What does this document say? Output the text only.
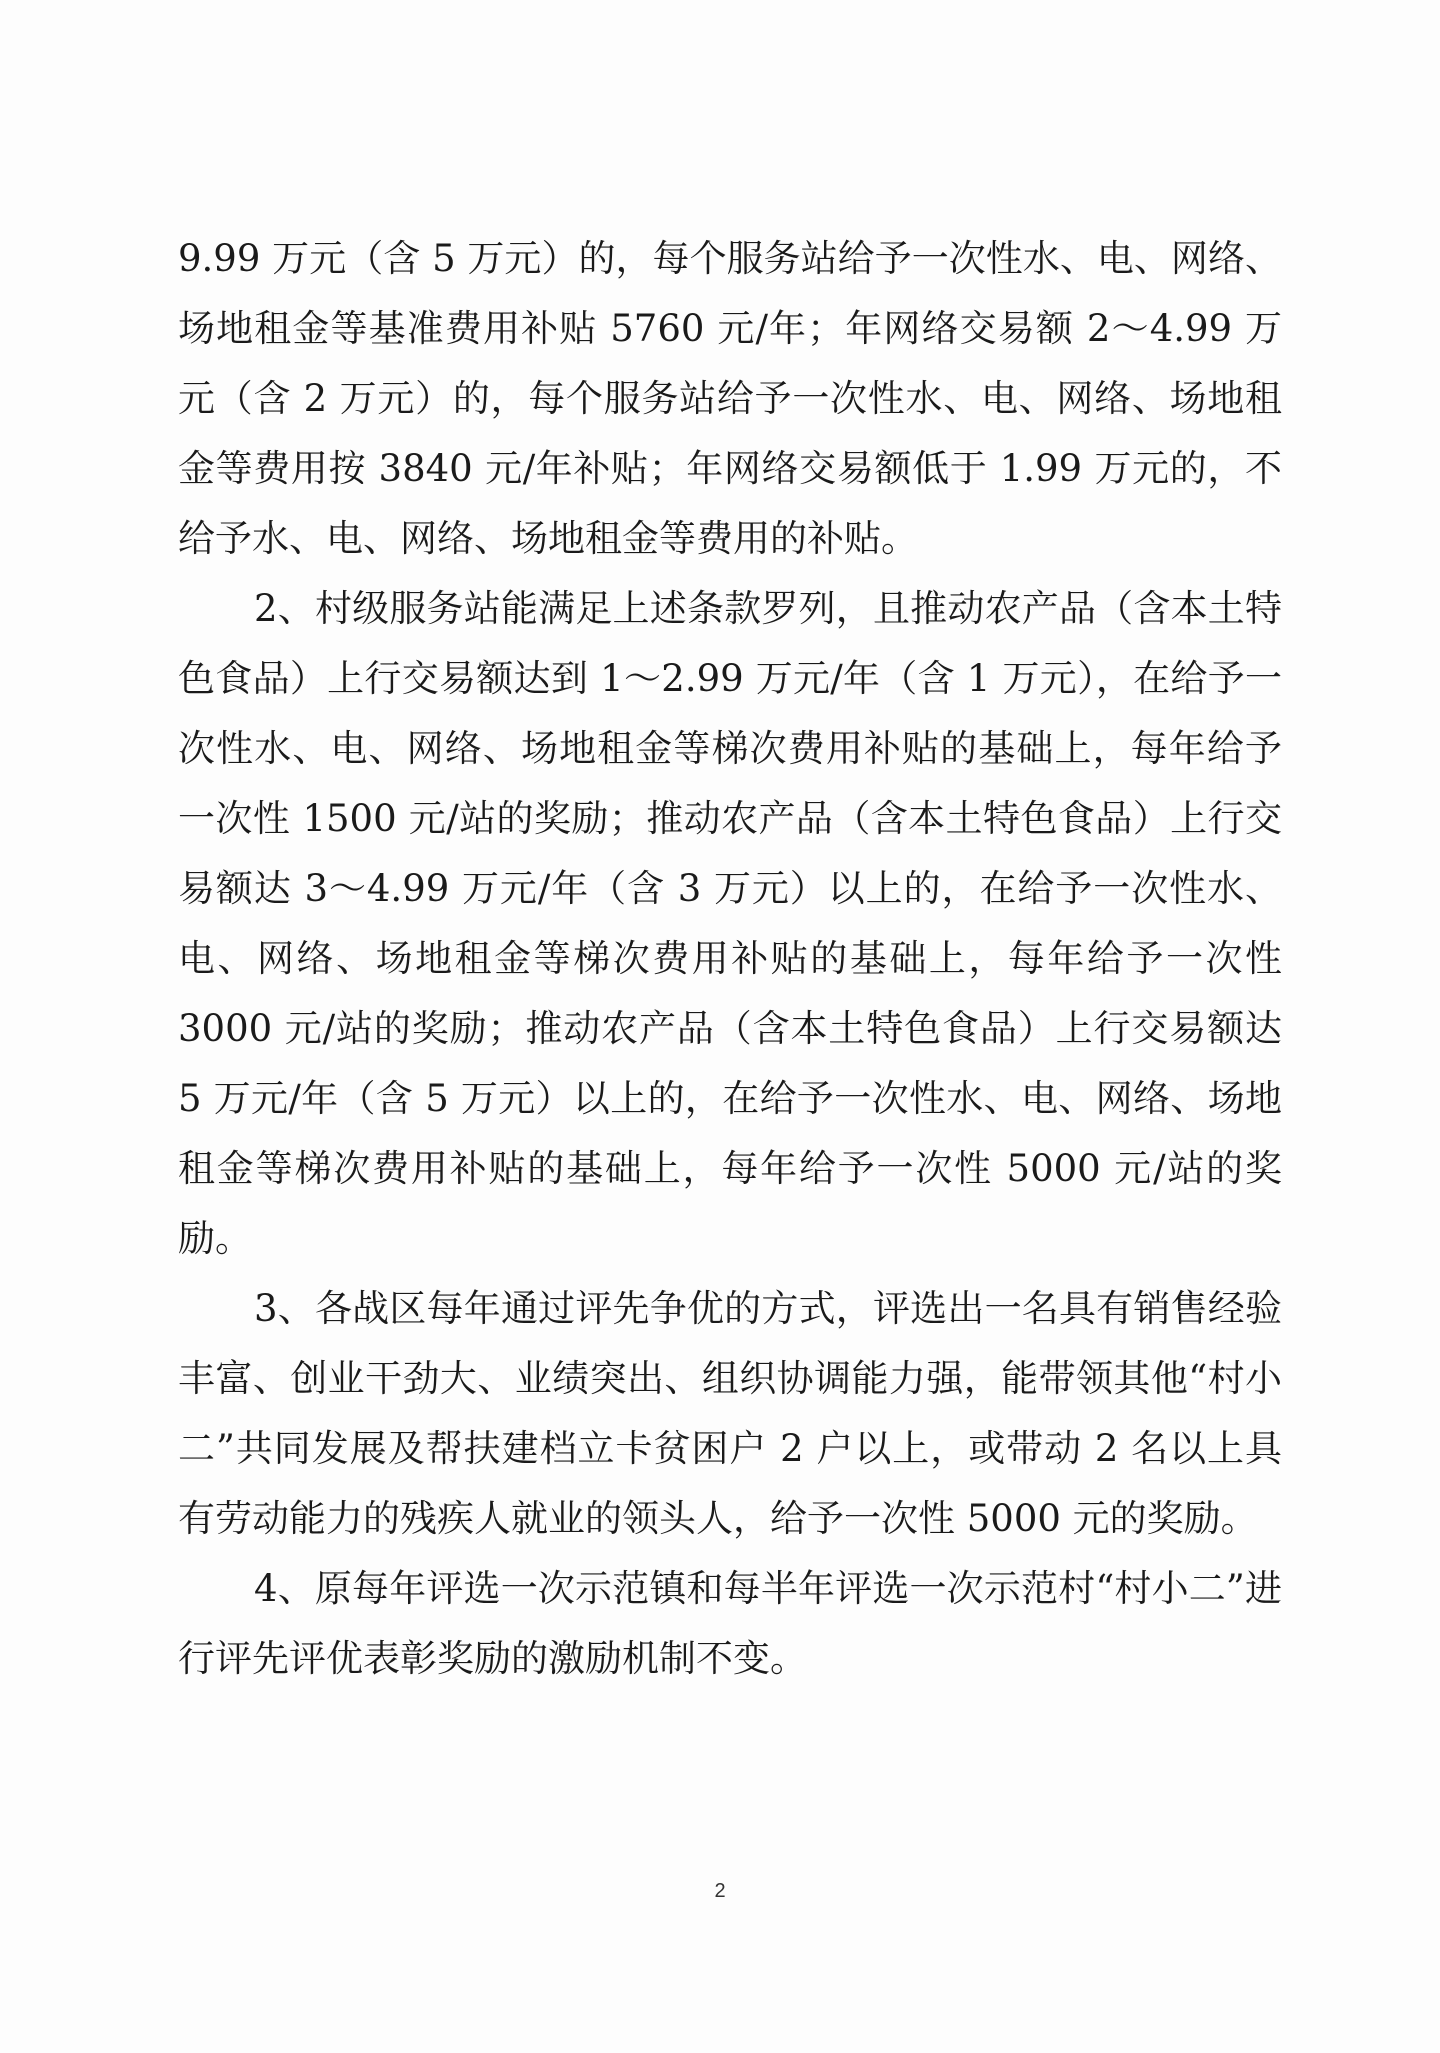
9.99 万元（含 5 万元）的，每个服务站给予一次性水、电、网络、场地租金等基准费用补贴 5760 元/年；年网络交易额 2～4.99 万元（含 2 万元）的，每个服务站给予一次性水、电、网络、场地租金等费用按 3840 元/年补贴；年网络交易额低于 1.99 万元的，不给予水、电、网络、场地租金等费用的补贴。

2、村级服务站能满足上述条款罗列，且推动农产品（含本土特色食品）上行交易额达到 1～2.99 万元/年（含 1 万元），在给予一次性水、电、网络、场地租金等梯次费用补贴的基础上，每年给予一次性 1500 元/站的奖励；推动农产品（含本土特色食品）上行交易额达 3～4.99 万元/年（含 3 万元）以上的，在给予一次性水、电、网络、场地租金等梯次费用补贴的基础上，每年给予一次性 3000 元/站的奖励；推动农产品（含本土特色食品）上行交易额达 5 万元/年（含 5 万元）以上的，在给予一次性水、电、网络、场地租金等梯次费用补贴的基础上，每年给予一次性 5000 元/站的奖励。

3、各战区每年通过评先争优的方式，评选出一名具有销售经验丰富、创业干劲大、业绩突出、组织协调能力强，能带领其他“村小二”共同发展及帮扶建档立卡贫困户 2 户以上，或带动 2 名以上具有劳动能力的残疾人就业的领头人，给予一次性 5000 元的奖励。

4、原每年评选一次示范镇和每半年评选一次示范村“村小二”进行评先评优表彰奖励的激励机制不变。

2
